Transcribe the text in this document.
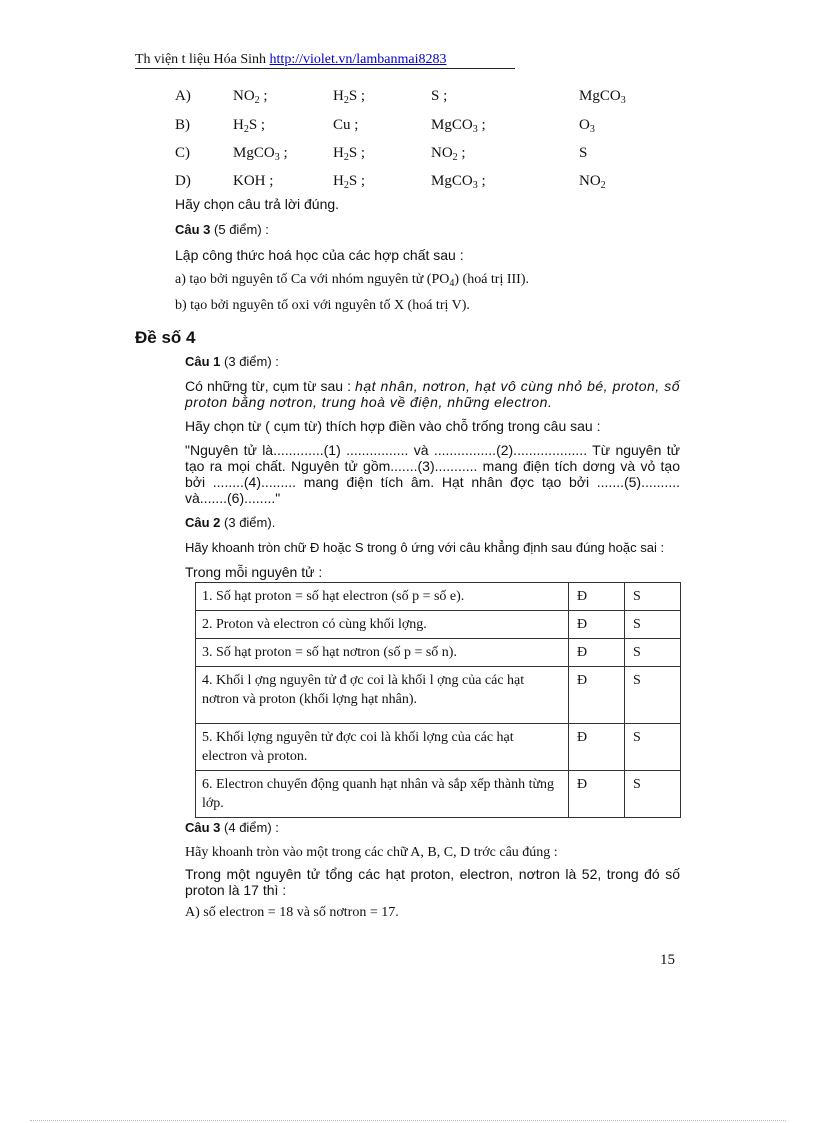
Th viện t liệu Hóa Sinh http://violet.vn/lambanmai8283
A)	$NO_2$ ;	$H_2S$ ;	S ;	MgCO$_3$
B)	$H_2S$ ;	Cu ;	MgCO$_3$ ;	$O_3$
C)	MgCO$_3$ ;	$H_2S$ ;	$NO_2$ ;	S
D)	KOH ;	$H_2S$ ;	MgCO$_3$ ;	$NO_2$
Hãy chọn câu trả lời đúng.
Câu 3 (5 điểm) :
Lập công thức hoá học của các hợp chất sau :
a) tạo bởi nguyên tố Ca với nhóm nguyên tử $(PO_4)$ (hoá trị III).
b) tạo bởi nguyên tố oxi với nguyên tố X (hoá trị V).
Đề số 4
Câu 1 (3 điểm) :
Có những từ, cụm từ sau : hạt nhân, nơtron, hạt vô cùng nhỏ bé, proton, số proton bằng nơtron, trung hoà về điện, những electron.
Hãy chọn từ ( cụm từ) thích hợp điền vào chỗ trống trong câu sau :
"Nguyên tử là.............(1) ................ và ................(2)................... Từ nguyên tử tạo ra mọi chất. Nguyên tử gồm.......(3)........... mang điện tích dơng và vỏ tạo bởi ........(4)......... mang điện tích âm. Hạt nhân đợc tạo bởi .......(5).......... và.......(6)........"
Câu 2 (3 điểm).
Hãy khoanh tròn chữ Đ hoặc S trong ô ứng với câu khẳng định sau đúng hoặc sai :
Trong mỗi nguyên tử :
1. Số hạt proton = số hạt electron (số p = số e).	Đ	S
2. Proton và electron có cùng khối lợng.	Đ	S
3. Số hạt proton = số hạt nơtron (số p = số n).	Đ	S
4. Khối l ợng nguyên tử đ ợc coi là khối l ợng của các hạt nơtron và proton (khối lợng hạt nhân).	Đ	S
5. Khối lợng nguyên tử đợc coi là khối lợng của các hạt electron và proton.	Đ	S
6. Electron chuyển động quanh hạt nhân và sắp xếp thành từng lớp.	Đ	S
Câu 3 (4 điểm) :
Hãy khoanh tròn vào một trong các chữ A, B, C, D trớc câu đúng :
Trong một nguyên tử tổng các hạt proton, electron, nơtron là 52, trong đó số proton là 17 thì :
A) số electron = 18 và số nơtron = 17.
15
